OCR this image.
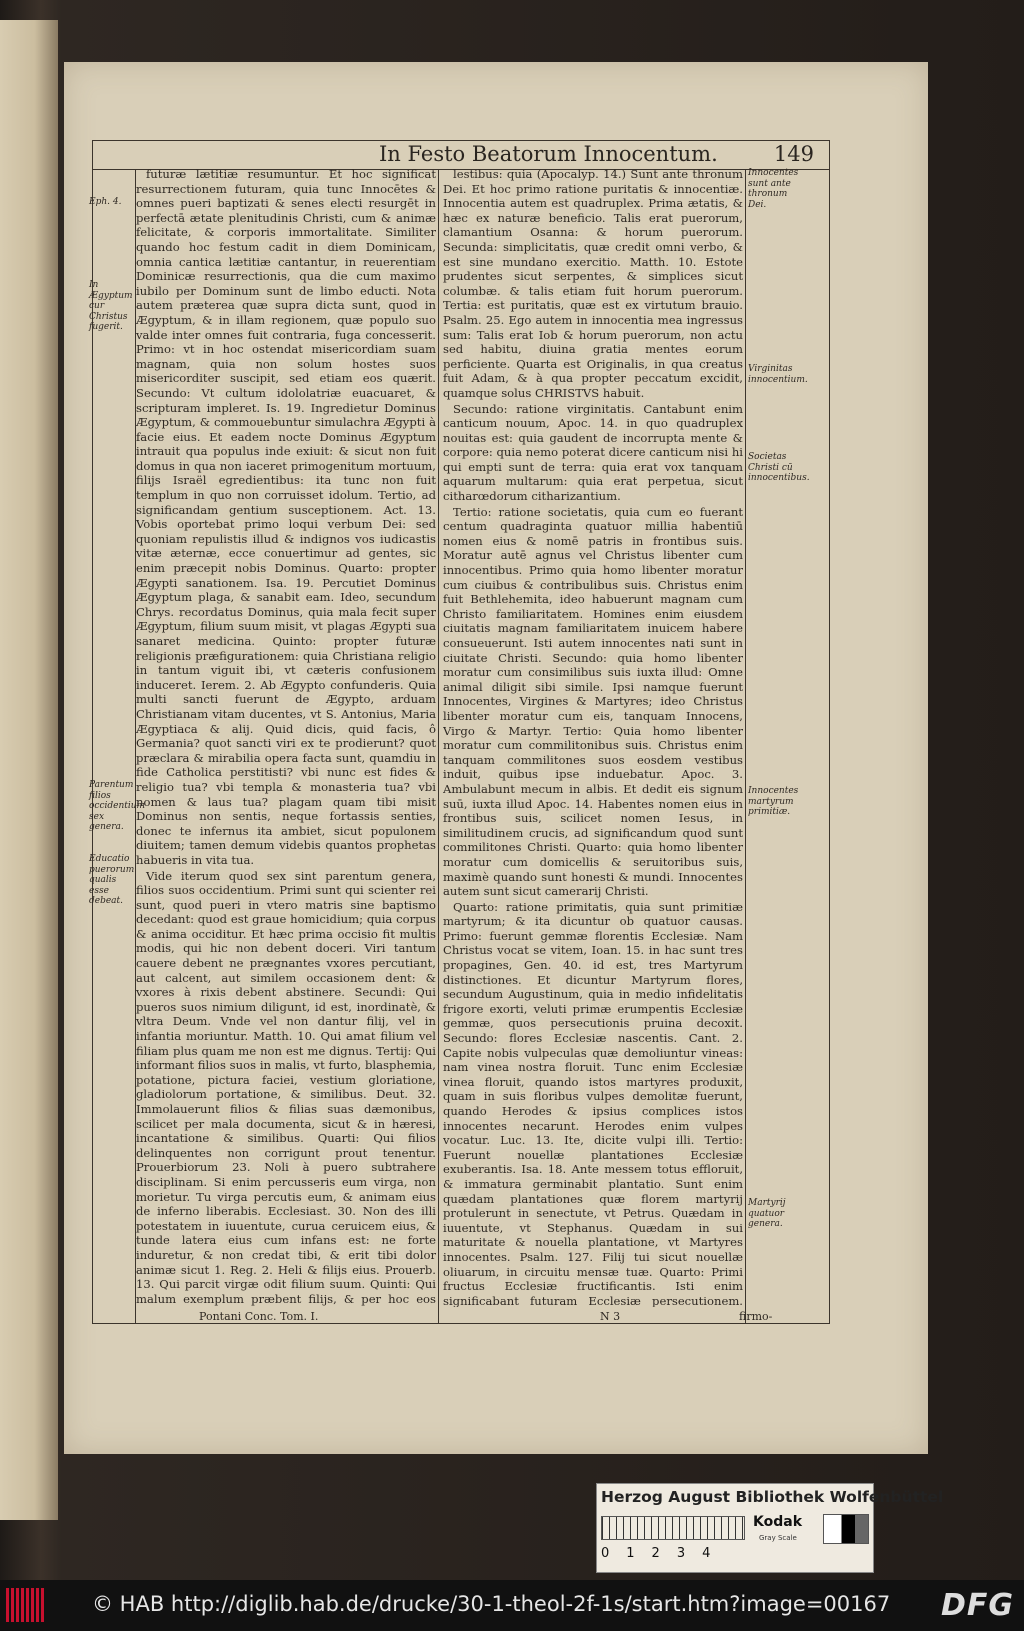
In Festo Beatorum Innocentum.	149

futuræ lætitiæ resumuntur. Et hoc significat resurrectionem futuram, quia tunc Innocētes & omnes pueri baptizati & senes electi resurgēt in perfectā ætate plenitudinis Christi, cum & animæ felicitate, & corporis immortalitate. Similiter quando hoc festum cadit in diem Dominicam, omnia cantica lætitiæ cantantur, in reuerentiam Dominicæ resurrectionis, qua die cum maximo iubilo per Dominum sunt de limbo educti. Nota autem præterea quæ supra dicta sunt, quod in Ægyptum, & in illam regionem, quæ populo suo valde inter omnes fuit contraria, fuga concesserit. Primo: vt in hoc ostendat misericordiam suam magnam, quia non solum hostes suos misericorditer suscipit, sed etiam eos quærit. Secundo: Vt cultum idololatriæ euacuaret, & scripturam impleret. Is. 19. Ingredietur Dominus Ægyptum, & commouebuntur simulachra Ægypti à facie eius. Et eadem nocte Dominus Ægyptum intrauit qua populus inde exiuit: & sicut non fuit domus in qua non iaceret primogenitum mortuum, filijs Israël egredientibus: ita tunc non fuit templum in quo non corruisset idolum. Tertio, ad significandam gentium susceptionem. Act. 13. Vobis oportebat primo loqui verbum Dei: sed quoniam repulistis illud & indignos vos iudicastis vitæ æternæ, ecce conuertimur ad gentes, sic enim præcepit nobis Dominus. Quarto: propter Ægypti sanationem. Isa. 19. Percutiet Dominus Ægyptum plaga, & sanabit eam. Ideo, secundum Chrys. recordatus Dominus, quia mala fecit super Ægyptum, filium suum misit, vt plagas Ægypti sua sanaret medicina. Quinto: propter futuræ religionis præfigurationem: quia Christiana religio in tantum viguit ibi, vt cæteris confusionem induceret. Ierem. 2. Ab Ægypto confunderis. Quia multi sancti fuerunt de Ægypto, arduam Christianam vitam ducentes, vt S. Antonius, Maria Ægyptiaca & alij. Quid dicis, quid facis, ô Germania? quot sancti viri ex te prodierunt? quot præclara & mirabilia opera facta sunt, quamdiu in fide Catholica perstitisti? vbi nunc est fides & religio tua? vbi templa & monasteria tua? vbi nomen & laus tua? plagam quam tibi misit Dominus non sentis, neque fortassis senties, donec te infernus ita ambiet, sicut populonem diuitem; tamen demum videbis quantos prophetas habueris in vita tua.

Vide iterum quod sex sint parentum genera, filios suos occidentium. Primi sunt qui scienter rei sunt, quod pueri in vtero matris sine baptismo decedant: quod est graue homicidium; quia corpus & anima occiditur. Et hæc prima occisio fit multis modis, qui hic non debent doceri. Viri tantum cauere debent ne prægnantes vxores percutiant, aut calcent, aut similem occasionem dent: & vxores à rixis debent abstinere. Secundi: Qui pueros suos nimium diligunt, id est, inordinatè, & vltra Deum. Vnde vel non dantur filij, vel in infantia moriuntur. Matth. 10. Qui amat filium vel filiam plus quam me non est me dignus. Tertij: Qui informant filios suos in malis, vt furto, blasphemia, potatione, pictura faciei, vestium gloriatione, gladiolorum portatione, & similibus. Deut. 32. Immolauerunt filios & filias suas dæmonibus, scilicet per mala documenta, sicut & in hæresi, incantatione & similibus. Quarti: Qui filios delinquentes non corrigunt prout tenentur. Prouerbiorum 23. Noli à puero subtrahere disciplinam. Si enim percusseris eum virga, non morietur. Tu virga percutis eum, & animam eius de inferno liberabis. Ecclesiast. 30. Non des illi potestatem in iuuentute, curua ceruicem eius, & tunde latera eius cum infans est: ne forte induretur, & non credat tibi, & erit tibi dolor animæ sicut 1. Reg. 2. Heli & filijs eius. Prouerb. 13. Qui parcit virgæ odit filium suum. Quinti: Qui malum exemplum præbent filijs, & per hoc eos

lestibus: quia (Apocalyp. 14.) Sunt ante thronum Dei. Et hoc primo ratione puritatis & innocentiæ. Innocentia autem est quadruplex. Prima ætatis, & hæc ex naturæ beneficio. Talis erat puerorum, clamantium Osanna: & horum puerorum. Secunda: simplicitatis, quæ credit omni verbo, & est sine mundano exercitio. Matth. 10. Estote prudentes sicut serpentes, & simplices sicut columbæ. & talis etiam fuit horum puerorum. Tertia: est puritatis, quæ est ex virtutum brauio. Psalm. 25. Ego autem in innocentia mea ingressus sum: Talis erat Iob & horum puerorum, non actu sed habitu, diuina gratia mentes eorum perficiente. Quarta est Originalis, in qua creatus fuit Adam, & à qua propter peccatum excidit, quamque solus CHRISTVS habuit.

Secundo: ratione virginitatis. Cantabunt enim canticum nouum, Apoc. 14. in quo quadruplex nouitas est: quia gaudent de incorrupta mente & corpore: quia nemo poterat dicere canticum nisi hi qui empti sunt de terra: quia erat vox tanquam aquarum multarum: quia erat perpetua, sicut citharœdorum citharizantium.

Tertio: ratione societatis, quia cum eo fuerant centum quadraginta quatuor millia habentiū nomen eius & nomē patris in frontibus suis. Moratur autē agnus vel Christus libenter cum innocentibus. Primo quia homo libenter moratur cum ciuibus & contribulibus suis. Christus enim fuit Bethlehemita, ideo habuerunt magnam cum Christo familiaritatem. Homines enim eiusdem ciuitatis magnam familiaritatem inuicem habere consueuerunt. Isti autem innocentes nati sunt in ciuitate Christi. Secundo: quia homo libenter moratur cum consimilibus suis iuxta illud: Omne animal diligit sibi simile. Ipsi namque fuerunt Innocentes, Virgines & Martyres; ideo Christus libenter moratur cum eis, tanquam Innocens, Virgo & Martyr. Tertio: Quia homo libenter moratur cum commilitonibus suis. Christus enim tanquam commilitones suos eosdem vestibus induit, quibus ipse induebatur. Apoc. 3. Ambulabunt mecum in albis. Et dedit eis signum suū, iuxta illud Apoc. 14. Habentes nomen eius in frontibus suis, scilicet nomen Iesus, in similitudinem crucis, ad significandum quod sunt commilitones Christi. Quarto: quia homo libenter moratur cum domicellis & seruitoribus suis, maximè quando sunt honesti & mundi. Innocentes autem sunt sicut camerarij Christi.

Quarto: ratione primitatis, quia sunt primitiæ martyrum; & ita dicuntur ob quatuor causas. Primo: fuerunt gemmæ florentis Ecclesiæ. Nam Christus vocat se vitem, Ioan. 15. in hac sunt tres propagines, Gen. 40. id est, tres Martyrum distinctiones. Et dicuntur Martyrum flores, secundum Augustinum, quia in medio infidelitatis frigore exorti, veluti primæ erumpentis Ecclesiæ gemmæ, quos persecutionis pruina decoxit. Secundo: flores Ecclesiæ nascentis. Cant. 2. Capite nobis vulpeculas quæ demoliuntur vineas: nam vinea nostra floruit. Tunc enim Ecclesiæ vinea floruit, quando istos martyres produxit, quam in suis floribus vulpes demolitæ fuerunt, quando Herodes & ipsius complices istos innocentes necarunt. Herodes enim vulpes vocatur. Luc. 13. Ite, dicite vulpi illi. Tertio: Fuerunt nouellæ plantationes Ecclesiæ exuberantis. Isa. 18. Ante messem totus effloruit, & immatura germinabit plantatio. Sunt enim quædam plantationes quæ florem martyrij protulerunt in senectute, vt Petrus. Quædam in iuuentute, vt Stephanus. Quædam in sui maturitate & nouella plantatione, vt Martyres innocentes. Psalm. 127. Filij tui sicut nouellæ oliuarum, in circuitu mensæ tuæ. Quarto: Primi fructus Ecclesiæ fructificantis. Isti enim significabant futuram Ecclesiæ persecutionem.

Eph. 4.
In Ægyptum cur Christus fugerit.
Parentum filios occidentium sex genera.
Educatio puerorum qualis esse debeat.
Innocentes sunt ante thronum Dei.
Virginitas innocentium.
Societas Christi cū innocentibus.
Innocentes martyrum primitiæ.
Martyrij quatuor genera.
Pontani Conc. Tom. I.	N 3	firmo-
Herzog August Bibliothek Wolfenbüttel
Kodak
Gray Scale
01234
© HAB http://diglib.hab.de/drucke/30-1-theol-2f-1s/start.htm?image=00167 DFG
